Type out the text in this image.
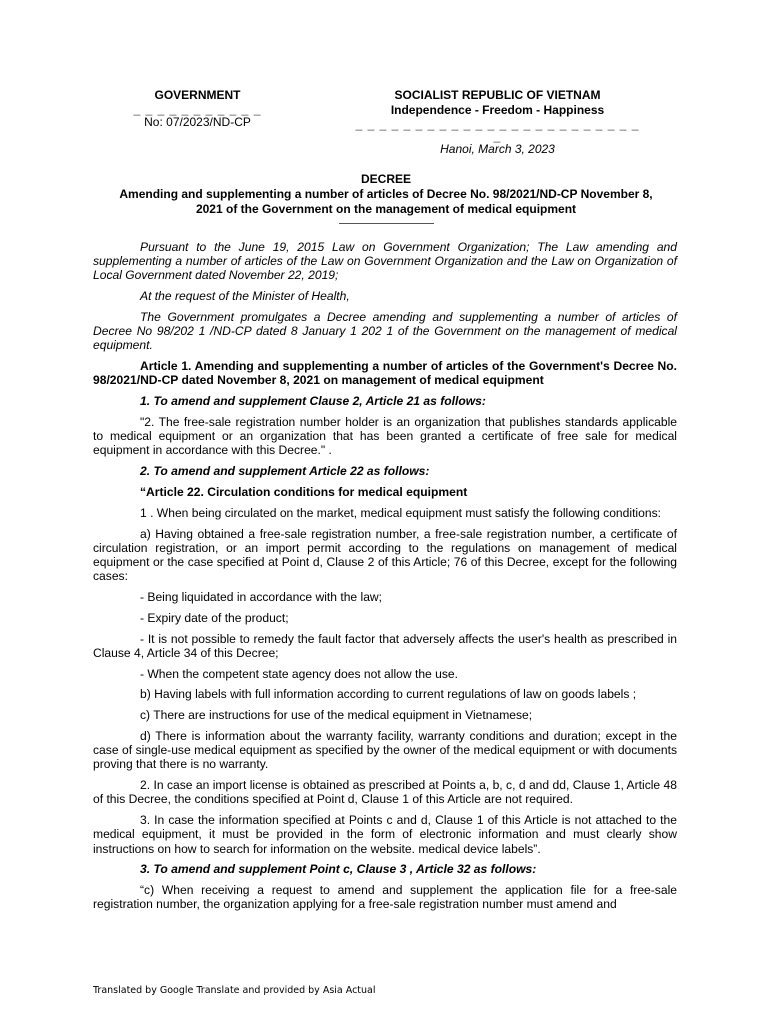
GOVERNMENT
_ _ _ _ _ _ _ _ _ _ _
No: 07/2023/ND-CP
SOCIALIST REPUBLIC OF VIETNAM
Independence - Freedom - Happiness
_ _ _ _ _ _ _ _ _ _ _ _ _ _ _ _ _ _ _ _ _ _ _ _ _
Hanoi, March 3, 2023
DECREE
Amending and supplementing a number of articles of Decree No. 98/2021/ND-CP November 8,
2021 of the Government on the management of medical equipment

Pursuant to the June 19, 2015 Law on Government Organization; The Law amending and supplementing a number of articles of the Law on Government Organization and the Law on Organization of Local Government dated November 22, 2019;

At the request of the Minister of Health,

The Government promulgates a Decree amending and supplementing a number of articles of Decree No 98/202 1 /ND-CP dated 8 January 1 202 1 of the Government on the management of medical equipment.

Article 1. Amending and supplementing a number of articles of the Government's Decree No. 98/2021/ND-CP dated November 8, 2021 on management of medical equipment

1. To amend and supplement Clause 2, Article 21 as follows:

"2. The free-sale registration number holder is an organization that publishes standards applicable to medical equipment or an organization that has been granted a certificate of free sale for medical equipment in accordance with this Decree." .

2. To amend and supplement Article 22 as follows:

“Article 22. Circulation conditions for medical equipment

1 . When being circulated on the market, medical equipment must satisfy the following conditions:

a) Having obtained a free-sale registration number, a free-sale registration number, a certificate of circulation registration, or an import permit according to the regulations on management of medical equipment or the case specified at Point d, Clause 2 of this Article; 76 of this Decree, except for the following cases:

- Being liquidated in accordance with the law;

- Expiry date of the product;

- It is not possible to remedy the fault factor that adversely affects the user's health as prescribed in Clause 4, Article 34 of this Decree;

- When the competent state agency does not allow the use.

b) Having labels with full information according to current regulations of law on goods labels ;

c) There are instructions for use of the medical equipment in Vietnamese;

d) There is information about the warranty facility, warranty conditions and duration; except in the case of single-use medical equipment as specified by the owner of the medical equipment or with documents proving that there is no warranty.

2. In case an import license is obtained as prescribed at Points a, b, c, d and dd, Clause 1, Article 48 of this Decree, the conditions specified at Point d, Clause 1 of this Article are not required.

3. In case the information specified at Points c and d, Clause 1 of this Article is not attached to the medical equipment, it must be provided in the form of electronic information and must clearly show instructions on how to search for information on the website. medical device labels”.

3. To amend and supplement Point c, Clause 3 , Article 32 as follows:

“c) When receiving a request to amend and supplement the application file for a free-sale registration number, the organization applying for a free-sale registration number must amend and

Translated by Google Translate and provided by Asia Actual
